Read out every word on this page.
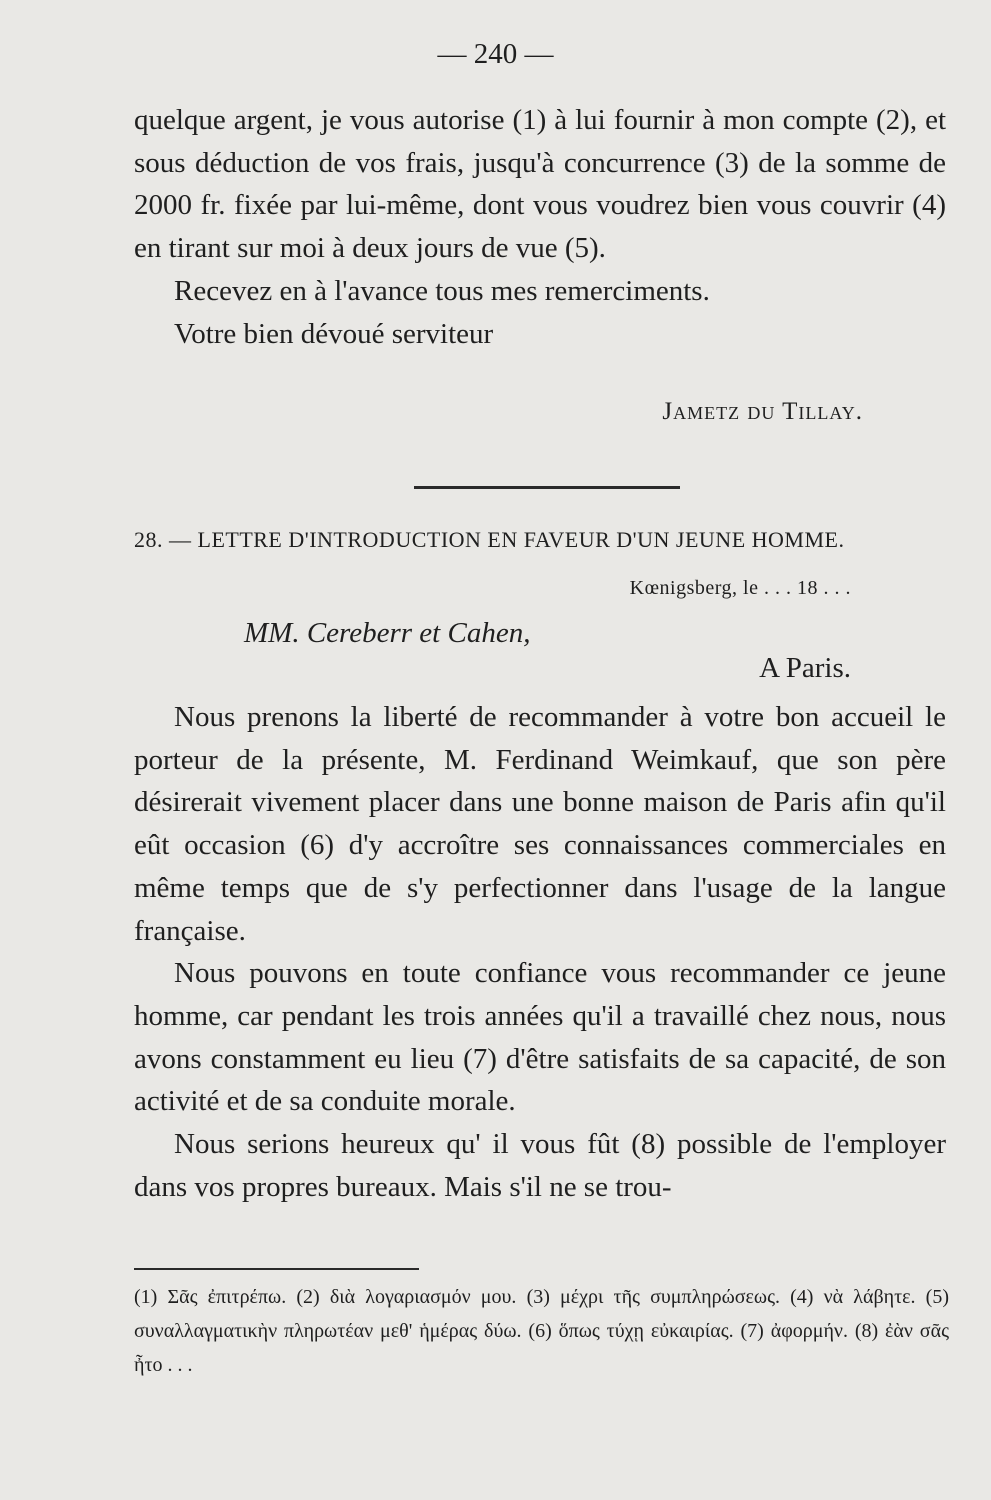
— 240 —

quelque argent, je vous autorise (1) à lui fournir à mon compte (2), et sous déduction de vos frais, jusqu'à concurrence (3) de la somme de 2000 fr. fixée par lui-même, dont vous voudrez bien vous couvrir (4) en tirant sur moi à deux jours de vue (5).

Recevez en à l'avance tous mes remerciments.

Votre bien dévoué serviteur

Jametz du Tillay.
28. — LETTRE D'INTRODUCTION EN FAVEUR D'UN JEUNE HOMME.
Kœnigsberg, le . . . 18 . . .
MM. Cereberr et Cahen,
A Paris.

Nous prenons la liberté de recommander à votre bon accueil le porteur de la présente, M. Ferdinand Weimkauf, que son père désirerait vivement placer dans une bonne maison de Paris afin qu'il eût occasion (6) d'y accroître ses connaissances commerciales en même temps que de s'y perfectionner dans l'usage de la langue française.

Nous pouvons en toute confiance vous recommander ce jeune homme, car pendant les trois années qu'il a travaillé chez nous, nous avons constamment eu lieu (7) d'être satisfaits de sa capacité, de son activité et de sa conduite morale.

Nous serions heureux qu' il vous fût (8) possible de l'employer dans vos propres bureaux. Mais s'il ne se trou-

(1) Σᾶς ἐπιτρέπω. (2) διὰ λογαριασμόν μου. (3) μέχρι τῆς συμπληρώσεως. (4) νὰ λάβητε. (5) συναλλαγματικὴν πληρωτέαν μεθ' ἡμέρας δύω. (6) ὅπως τύχῃ εὐκαιρίας. (7) ἀφορμήν. (8) ἐὰν σᾶς ἦτο . . .
